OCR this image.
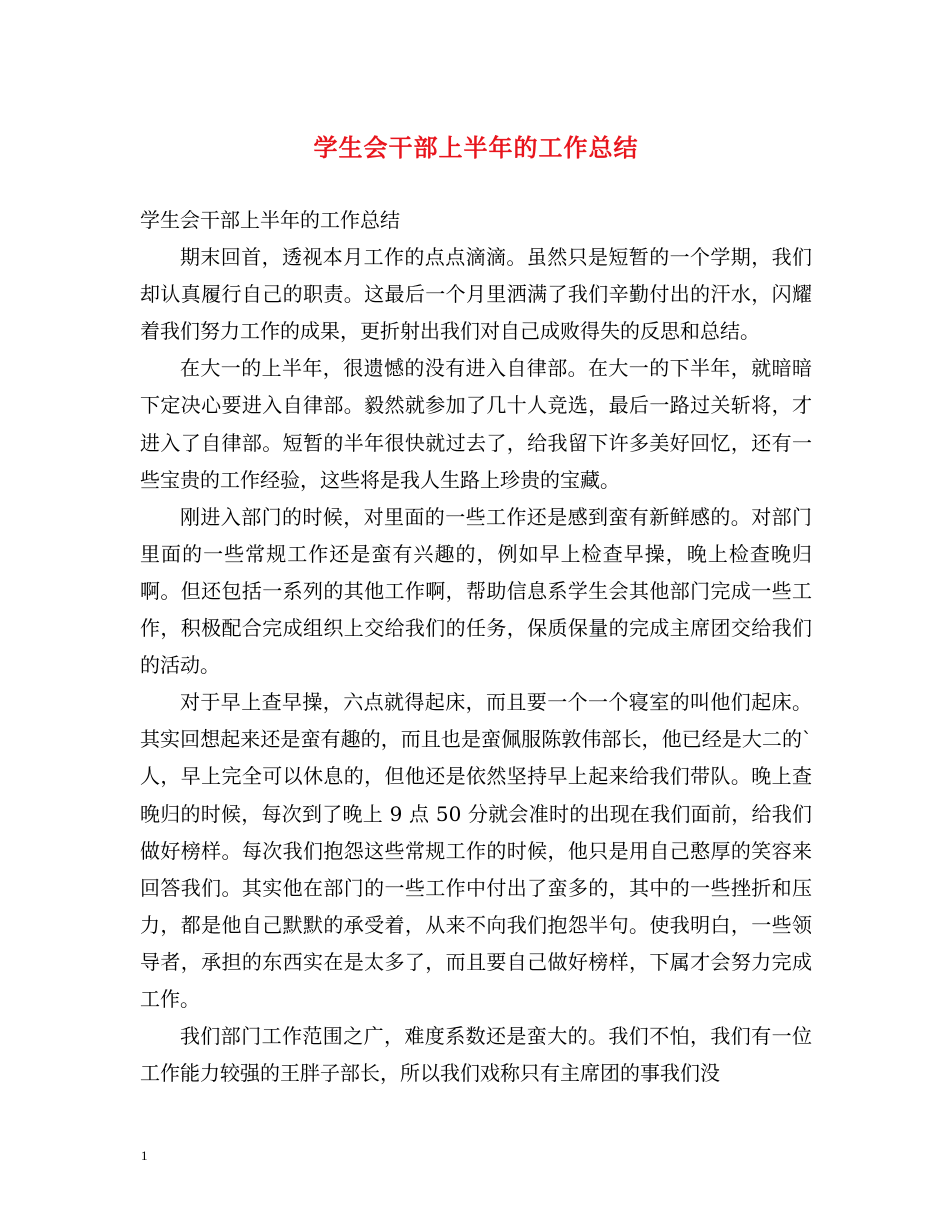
学生会干部上半年的工作总结

学生会干部上半年的工作总结

期末回首，透视本月工作的点点滴滴。虽然只是短暂的一个学期，我们却认真履行自己的职责。这最后一个月里洒满了我们辛勤付出的汗水，闪耀着我们努力工作的成果，更折射出我们对自己成败得失的反思和总结。

在大一的上半年，很遗憾的没有进入自律部。在大一的下半年，就暗暗下定决心要进入自律部。毅然就参加了几十人竞选，最后一路过关斩将，才进入了自律部。短暂的半年很快就过去了，给我留下许多美好回忆，还有一些宝贵的工作经验，这些将是我人生路上珍贵的宝藏。

刚进入部门的时候，对里面的一些工作还是感到蛮有新鲜感的。对部门里面的一些常规工作还是蛮有兴趣的，例如早上检查早操，晚上检查晚归啊。但还包括一系列的其他工作啊，帮助信息系学生会其他部门完成一些工作，积极配合完成组织上交给我们的任务，保质保量的完成主席团交给我们的活动。

对于早上查早操，六点就得起床，而且要一个一个寝室的叫他们起床。其实回想起来还是蛮有趣的，而且也是蛮佩服陈敦伟部长，他已经是大二的`人，早上完全可以休息的，但他还是依然坚持早上起来给我们带队。晚上查晚归的时候，每次到了晚上 9 点 50 分就会准时的出现在我们面前，给我们做好榜样。每次我们抱怨这些常规工作的时候，他只是用自己憨厚的笑容来回答我们。其实他在部门的一些工作中付出了蛮多的，其中的一些挫折和压力，都是他自己默默的承受着，从来不向我们抱怨半句。使我明白，一些领导者，承担的东西实在是太多了，而且要自己做好榜样，下属才会努力完成工作。

我们部门工作范围之广，难度系数还是蛮大的。我们不怕，我们有一位工作能力较强的王胖子部长，所以我们戏称只有主席团的事我们没

1
